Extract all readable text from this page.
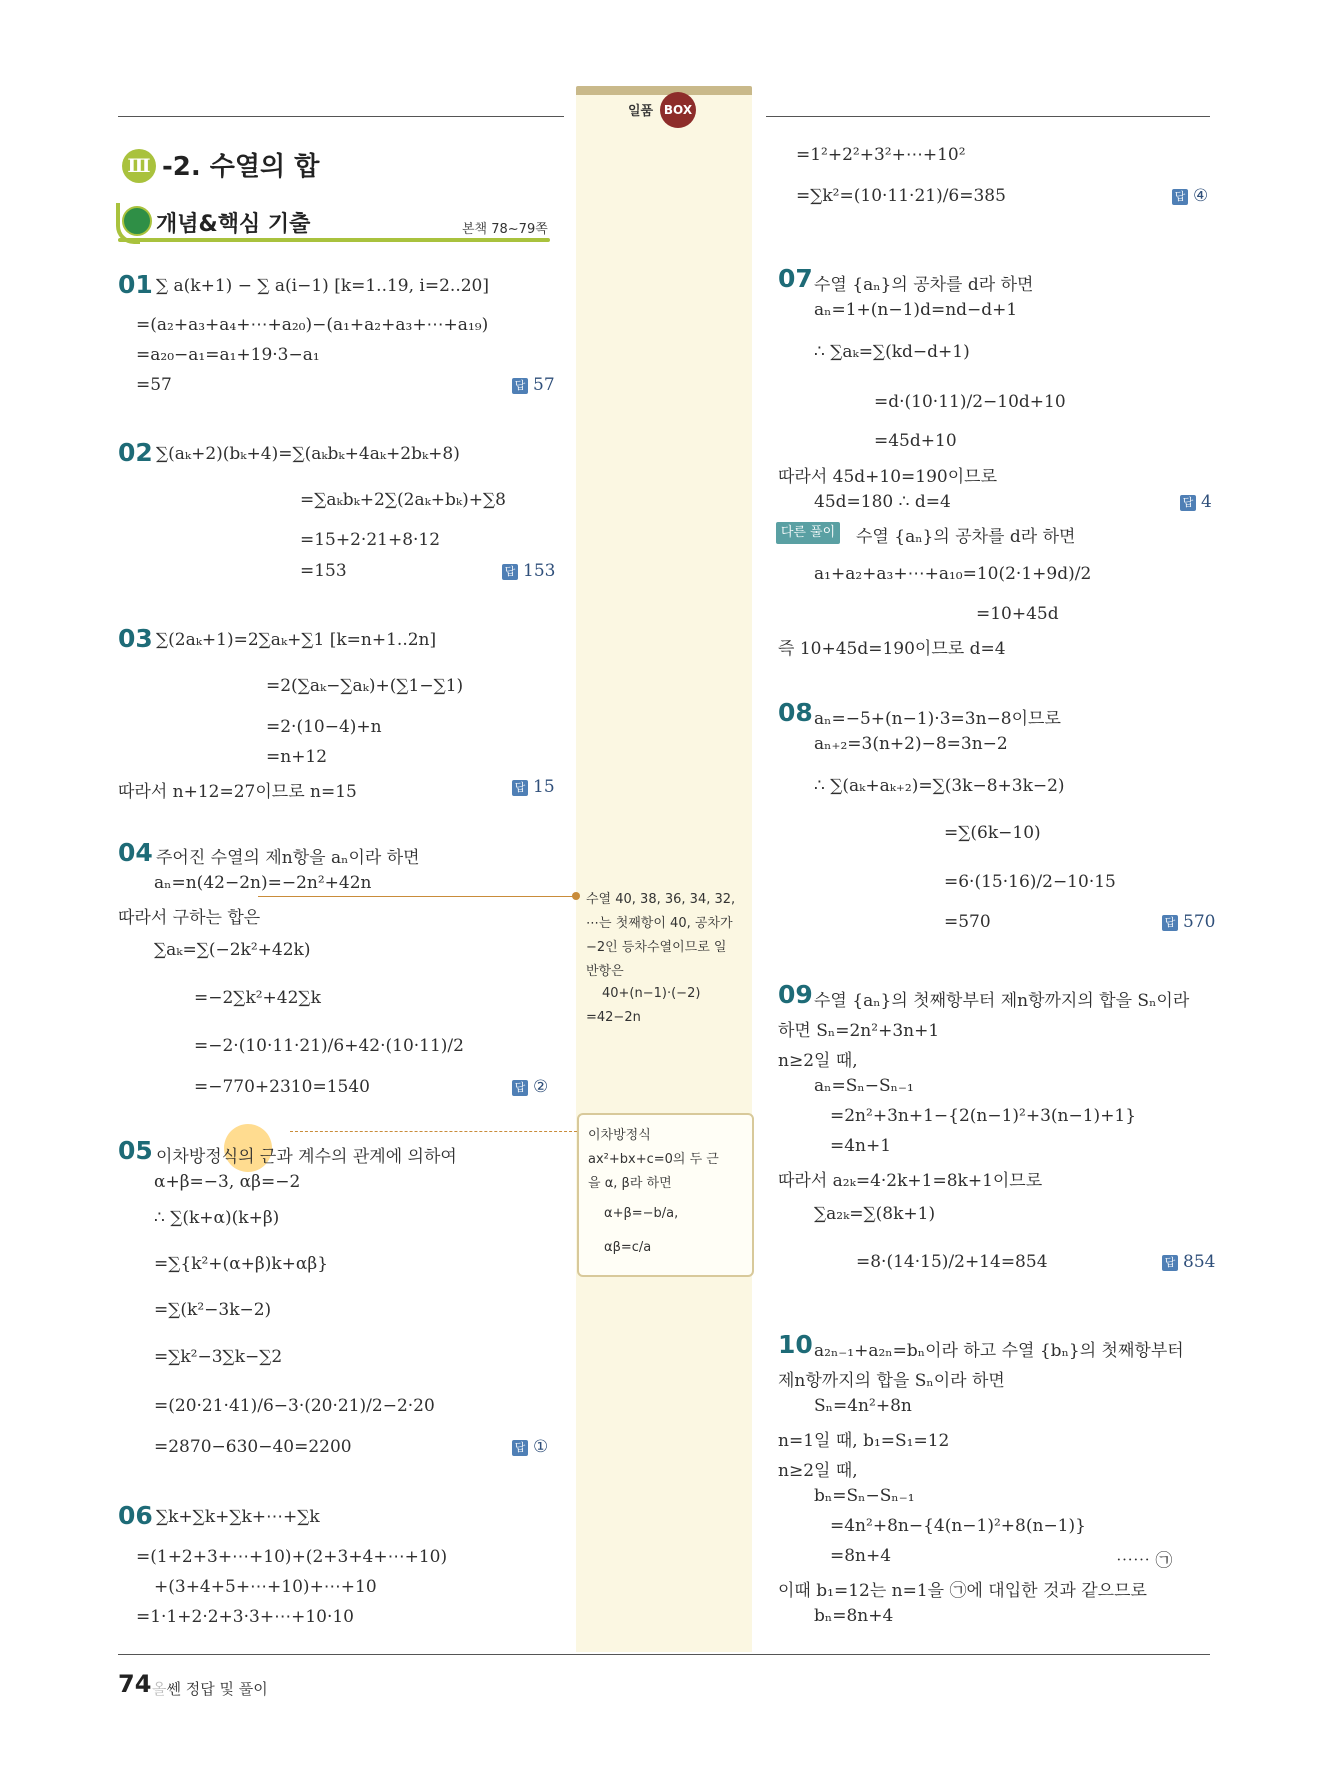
일품 BOX
Ⅲ -2. 수열의 합
개념&핵심 기출	본책 78~79쪽
01 ∑ a(k+1) − ∑ a(i−1) [k=1..19, i=2..20]
=(a₂+a₃+a₄+⋯+a₂₀)−(a₁+a₂+a₃+⋯+a₁₉)
=a₂₀−a₁=a₁+19·3−a₁
=57	답 57
02 ∑(aₖ+2)(bₖ+4)=∑(aₖbₖ+4aₖ+2bₖ+8)
=∑aₖbₖ+2∑(2aₖ+bₖ)+∑8
=15+2·21+8·12
=153	답 153
03 ∑(2aₖ+1)=2∑aₖ+∑1 [k=n+1..2n]
=2(∑aₖ−∑aₖ)+(∑1−∑1)
=2·(10−4)+n
=n+12
따라서 n+12=27이므로 n=15	답 15
04 주어진 수열의 제n항을 aₙ이라 하면
aₙ=n(42−2n)=−2n²+42n
따라서 구하는 합은
∑aₖ=∑(−2k²+42k)
=−2∑k²+42∑k
=−2·(10·11·21)/6+42·(10·11)/2
=−770+2310=1540	답 ②
05 이차방정식의 근과 계수의 관계에 의하여
α+β=−3, αβ=−2
∴ ∑(k+α)(k+β)
=∑{k²+(α+β)k+αβ}
=∑(k²−3k−2)
=∑k²−3∑k−∑2
=(20·21·41)/6−3·(20·21)/2−2·20
=2870−630−40=2200	답 ①
06 ∑k+∑k+∑k+⋯+∑k
=(1+2+3+⋯+10)+(2+3+4+⋯+10)
+(3+4+5+⋯+10)+⋯+10
=1·1+2·2+3·3+⋯+10·10
수열 40, 38, 36, 34, 32,
⋯는 첫째항이 40, 공차가
−2인 등차수열이므로 일
반항은
40+(n−1)·(−2)
=42−2n
이차방정식
ax²+bx+c=0의 두 근
을 α, β라 하면
α+β=−b/a,
αβ=c/a
=1²+2²+3²+⋯+10²
=∑k²=(10·11·21)/6=385	답 ④
07 수열 {aₙ}의 공차를 d라 하면
aₙ=1+(n−1)d=nd−d+1
∴ ∑aₖ=∑(kd−d+1)
=d·(10·11)/2−10d+10
=45d+10
따라서 45d+10=190이므로
45d=180 ∴ d=4	답 4
다른 풀이 수열 {aₙ}의 공차를 d라 하면
a₁+a₂+a₃+⋯+a₁₀=10(2·1+9d)/2
=10+45d
즉 10+45d=190이므로 d=4
08 aₙ=−5+(n−1)·3=3n−8이므로
aₙ₊₂=3(n+2)−8=3n−2
∴ ∑(aₖ+aₖ₊₂)=∑(3k−8+3k−2)
=∑(6k−10)
=6·(15·16)/2−10·15
=570	답 570
09 수열 {aₙ}의 첫째항부터 제n항까지의 합을 Sₙ이라
하면 Sₙ=2n²+3n+1
n≥2일 때,
aₙ=Sₙ−Sₙ₋₁
=2n²+3n+1−{2(n−1)²+3(n−1)+1}
=4n+1
따라서 a₂ₖ=4·2k+1=8k+1이므로
∑a₂ₖ=∑(8k+1)
=8·(14·15)/2+14=854	답 854
10 a₂ₙ₋₁+a₂ₙ=bₙ이라 하고 수열 {bₙ}의 첫째항부터
제n항까지의 합을 Sₙ이라 하면
Sₙ=4n²+8n
n=1일 때, b₁=S₁=12
n≥2일 때,
bₙ=Sₙ−Sₙ₋₁
=4n²+8n−{4(n−1)²+8(n−1)}
=8n+4	⋯⋯ ㉠
이때 b₁=12는 n=1을 ㉠에 대입한 것과 같으므로
bₙ=8n+4
74 올쎈 정답 및 풀이
